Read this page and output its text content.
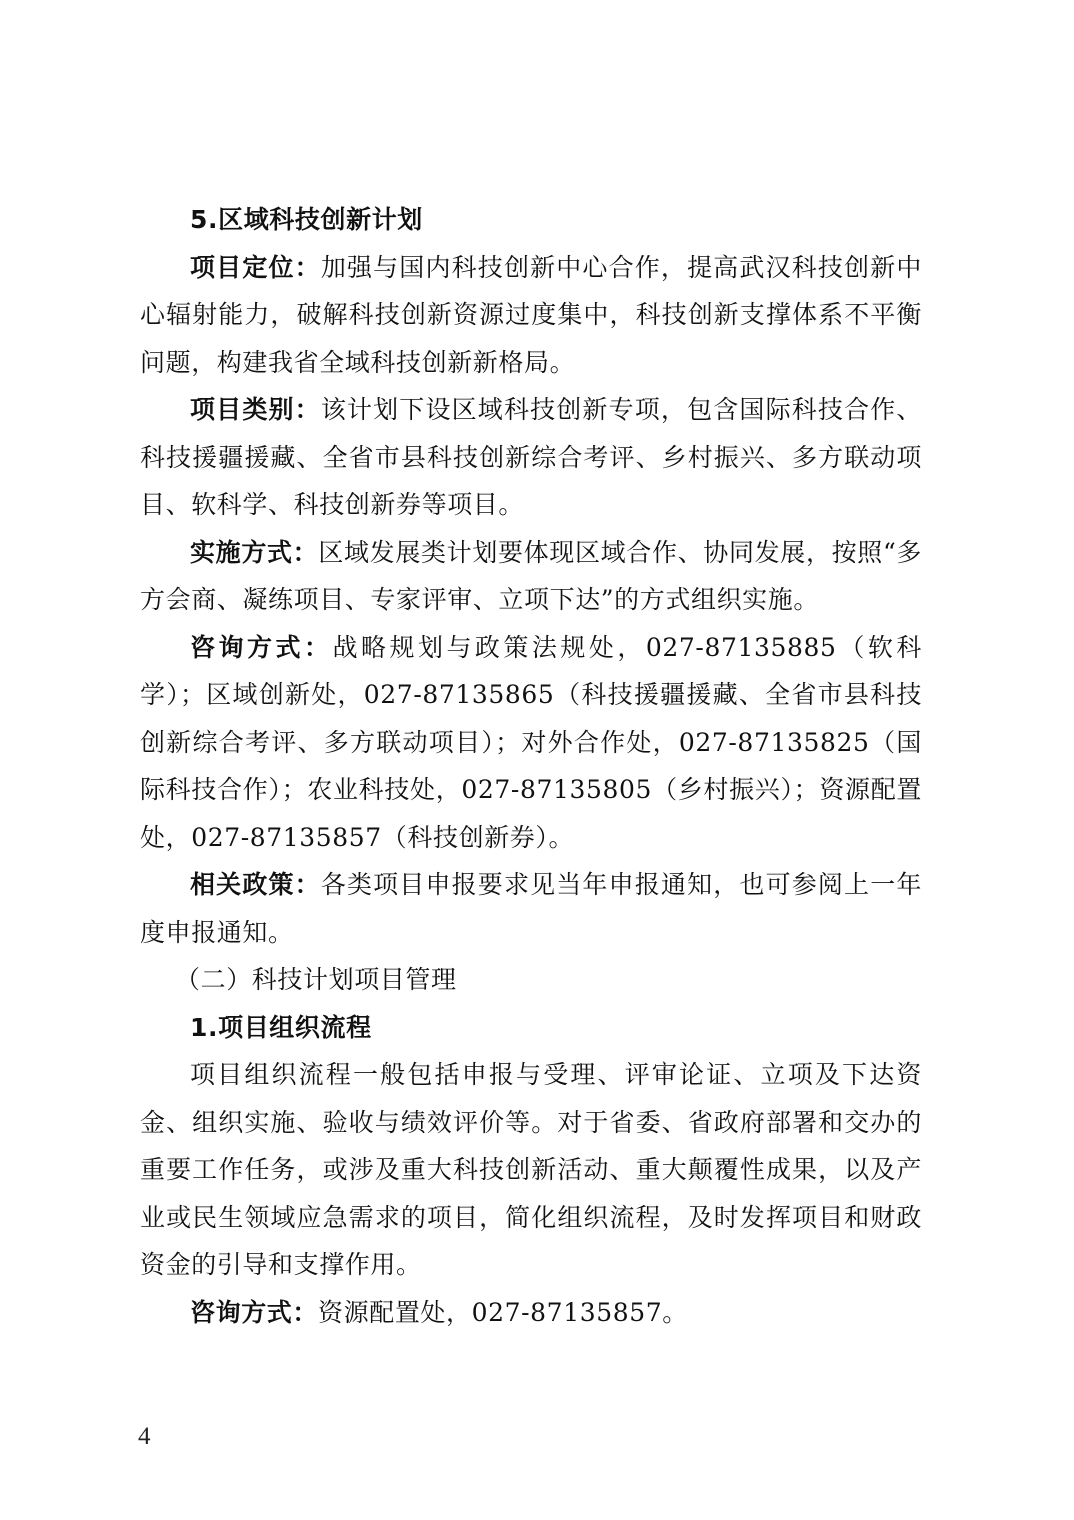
5.区域科技创新计划

项目定位：加强与国内科技创新中心合作，提高武汉科技创新中心辐射能力，破解科技创新资源过度集中，科技创新支撑体系不平衡问题，构建我省全域科技创新新格局。

项目类别：该计划下设区域科技创新专项，包含国际科技合作、科技援疆援藏、全省市县科技创新综合考评、乡村振兴、多方联动项目、软科学、科技创新券等项目。

实施方式：区域发展类计划要体现区域合作、协同发展，按照“多方会商、凝练项目、专家评审、立项下达”的方式组织实施。

咨询方式：战略规划与政策法规处，027-87135885（软科学）；区域创新处，027-87135865（科技援疆援藏、全省市县科技创新综合考评、多方联动项目）；对外合作处，027-87135825（国际科技合作）；农业科技处，027-87135805（乡村振兴）；资源配置处，027-87135857（科技创新券）。

相关政策：各类项目申报要求见当年申报通知，也可参阅上一年度申报通知。

（二）科技计划项目管理

1.项目组织流程

项目组织流程一般包括申报与受理、评审论证、立项及下达资金、组织实施、验收与绩效评价等。对于省委、省政府部署和交办的重要工作任务，或涉及重大科技创新活动、重大颠覆性成果，以及产业或民生领域应急需求的项目，简化组织流程，及时发挥项目和财政资金的引导和支撑作用。

咨询方式：资源配置处，027-87135857。

4
